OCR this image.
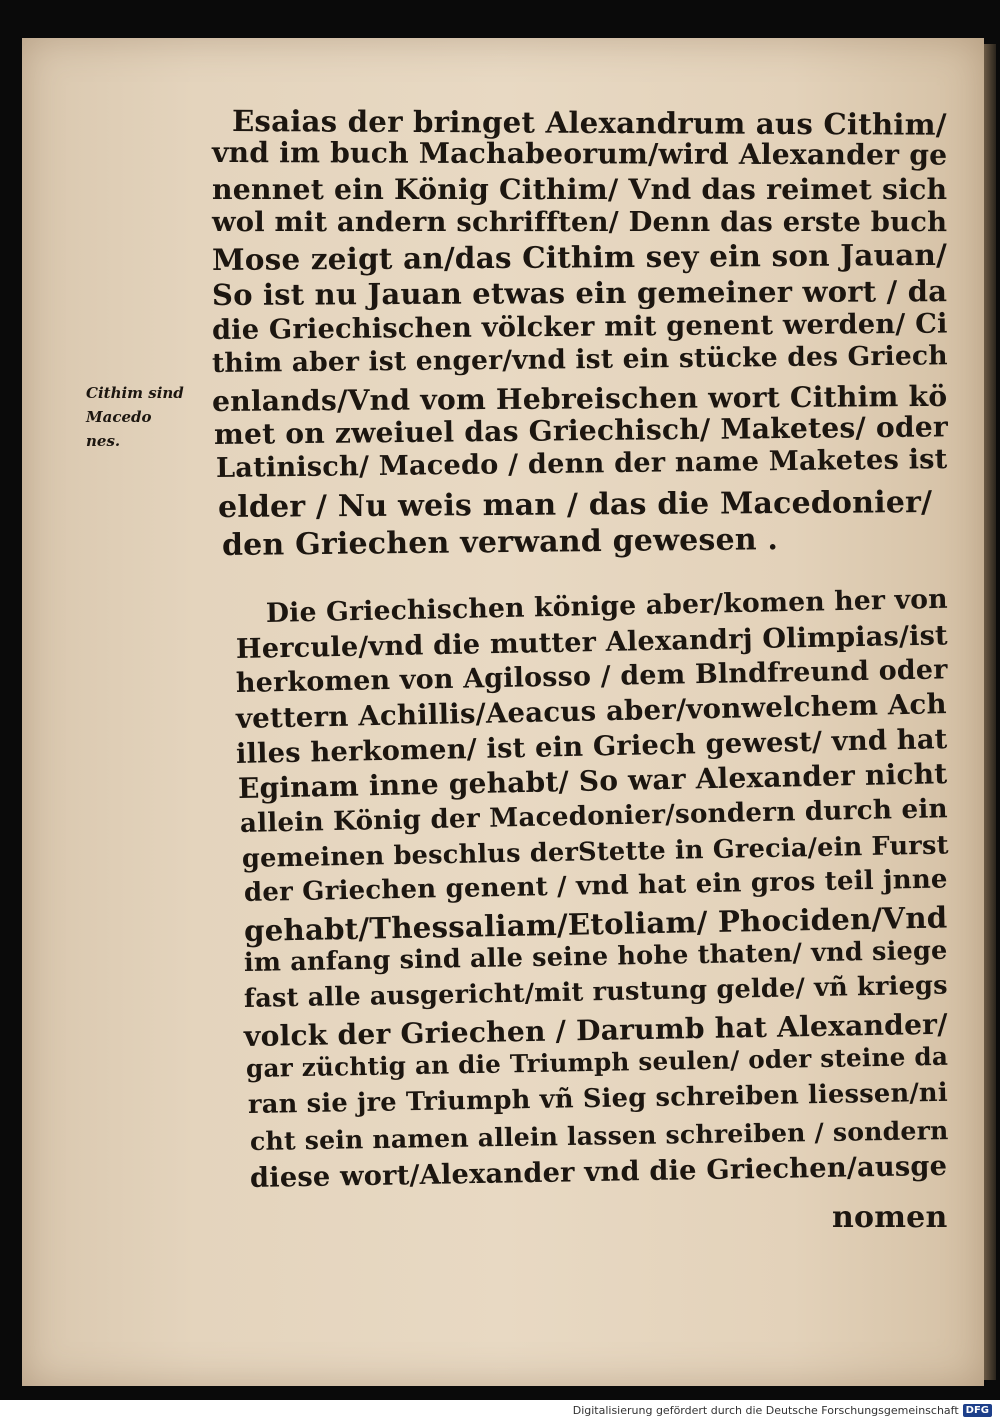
Esaias der bringet Alexandrum aus Cithim/
vnd im buch Machabeorum/wird Alexander ge
nennet ein König Cithim/ Vnd das reimet sich
wol mit andern schrifften/ Denn das erste buch
Mose zeigt an/das Cithim sey ein son Jauan/
So ist nu Jauan etwas ein gemeiner wort / da
die Griechischen völcker mit genent werden/ Ci
thim aber ist enger/vnd ist ein stücke des Griech
enlands/Vnd vom Hebreischen wort Cithim kö
met on zweiuel das Griechisch/ Maketes/ oder
Latinisch/ Macedo / denn der name Maketes ist
elder / Nu weis man / das die Macedonier/
den Griechen verwand gewesen .
Cithim sind
Macedo
nes.
Die Griechischen könige aber/komen her von
Hercule/vnd die mutter Alexandrj Olimpias/ist
herkomen von Agilosso / dem Blndfreund oder
vettern Achillis/Aeacus aber/vonwelchem Ach
illes herkomen/ ist ein Griech gewest/ vnd hat
Eginam inne gehabt/ So war Alexander nicht
allein König der Macedonier/sondern durch ein
gemeinen beschlus derStette in Grecia/ein Furst
der Griechen genent / vnd hat ein gros teil jnne
gehabt/Thessaliam/Etoliam/ Phociden/Vnd
im anfang sind alle seine hohe thaten/ vnd siege
fast alle ausgericht/mit rustung gelde/ vñ kriegs
volck der Griechen / Darumb hat Alexander/
gar züchtig an die Triumph seulen/ oder steine da
ran sie jre Triumph vñ Sieg schreiben liessen/ni
cht sein namen allein lassen schreiben / sondern
diese wort/Alexander vnd die Griechen/ausge
nomen
Digitalisierung gefördert durch die Deutsche Forschungsgemeinschaft DFG
